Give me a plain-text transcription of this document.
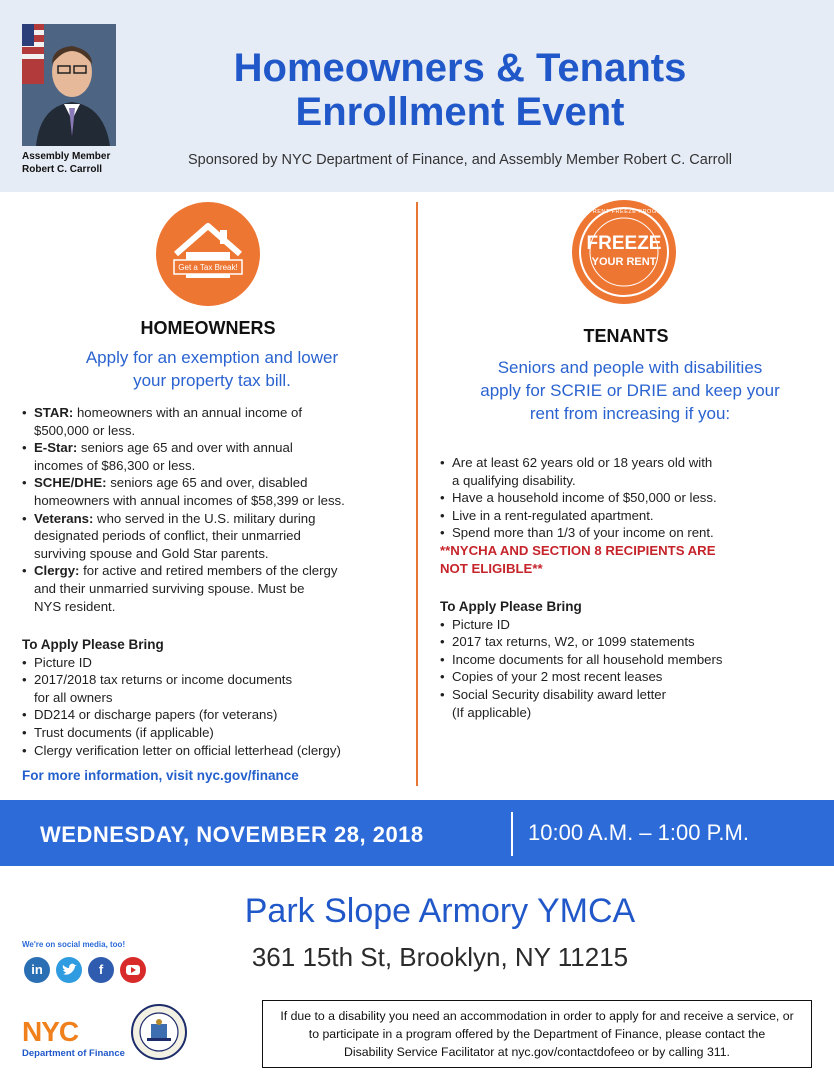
Assembly Member
Robert C. Carroll
Homeowners & Tenants
Enrollment Event
Sponsored by NYC Department of Finance, and Assembly Member Robert C. Carroll
Get a Tax Break!
HOMEOWNERS
Apply for an exemption and lower
your property tax bill.
• STAR: homeowners with an annual income of
$500,000 or less.
• E-Star: seniors age 65 and over with annual
incomes of $86,300 or less.
• SCHE/DHE: seniors age 65 and over, disabled
homeowners with annual incomes of $58,399 or less.
• Veterans: who served in the U.S. military during
designated periods of conflict, their unmarried
surviving spouse and Gold Star parents.
• Clergy: for active and retired members of the clergy
and their unmarried surviving spouse. Must be
NYS resident.
To Apply Please Bring
• Picture ID
• 2017/2018 tax returns or income documents
for all owners
• DD214 or discharge papers (for veterans)
• Trust documents (if applicable)
• Clergy verification letter on official letterhead (clergy)
For more information, visit nyc.gov/finance
NYC RENT FREEZE PROGRAM
FREEZE
YOUR RENT
TENANTS
Seniors and people with disabilities
apply for SCRIE or DRIE and keep your
rent from increasing if you:
• Are at least 62 years old or 18 years old with
a qualifying disability.
• Have a household income of $50,000 or less.
• Live in a rent-regulated apartment.
• Spend more than 1/3 of your income on rent.
**NYCHA AND SECTION 8 RECIPIENTS ARE
NOT ELIGIBLE**
To Apply Please Bring
• Picture ID
• 2017 tax returns, W2, or 1099 statements
• Income documents for all household members
• Copies of your 2 most recent leases
• Social Security disability award letter
(If applicable)
WEDNESDAY, NOVEMBER 28, 2018	10:00 A.M. – 1:00 P.M.
Park Slope Armory YMCA
361 15th St, Brooklyn, NY 11215
We're on social media, too!
in	f
NYC
Department of Finance
If due to a disability you need an accommodation in order to apply for and receive a service, or
to participate in a program offered by the Department of Finance, please contact the
Disability Service Facilitator at nyc.gov/contactdofeeo or by calling 311.
